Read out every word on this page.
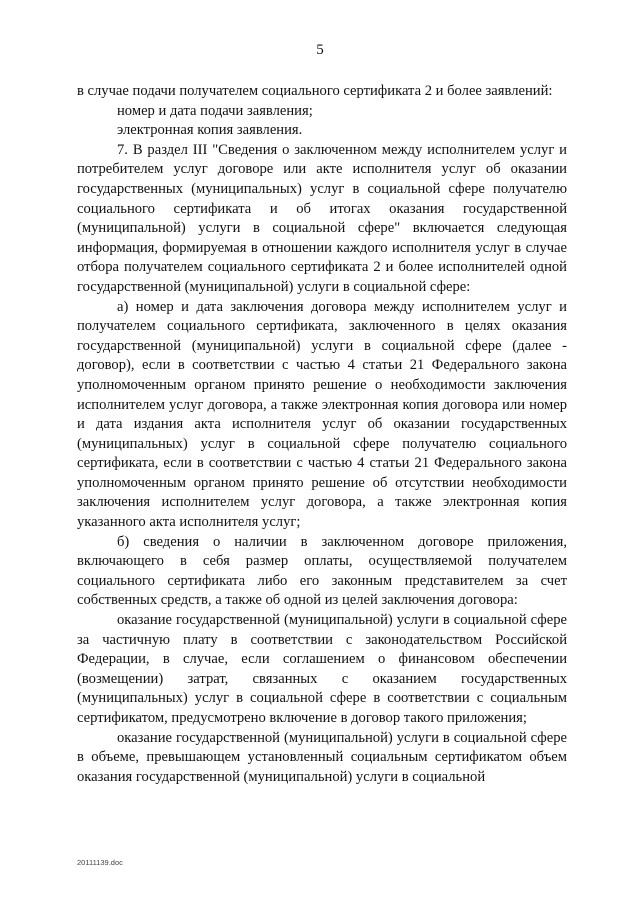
5

в случае подачи получателем социального сертификата 2 и более заявлений:

номер и дата подачи заявления;

электронная копия заявления.

7. В раздел III "Сведения о заключенном между исполнителем услуг и потребителем услуг договоре или акте исполнителя услуг об оказании государственных (муниципальных) услуг в социальной сфере получателю социального сертификата и об итогах оказания государственной (муниципальной) услуги в социальной сфере" включается следующая информация, формируемая в отношении каждого исполнителя услуг в случае отбора получателем социального сертификата 2 и более исполнителей одной государственной (муниципальной) услуги в социальной сфере:

а) номер и дата заключения договора между исполнителем услуг и получателем социального сертификата, заключенного в целях оказания государственной (муниципальной) услуги в социальной сфере (далее - договор), если в соответствии с частью 4 статьи 21 Федерального закона уполномоченным органом принято решение о необходимости заключения исполнителем услуг договора, а также электронная копия договора или номер и дата издания акта исполнителя услуг об оказании государственных (муниципальных) услуг в социальной сфере получателю социального сертификата, если в соответствии с частью 4 статьи 21 Федерального закона уполномоченным органом принято решение об отсутствии необходимости заключения исполнителем услуг договора, а также электронная копия указанного акта исполнителя услуг;

б) сведения о наличии в заключенном договоре приложения, включающего в себя размер оплаты, осуществляемой получателем социального сертификата либо его законным представителем за счет собственных средств, а также об одной из целей заключения договора:

оказание государственной (муниципальной) услуги в социальной сфере за частичную плату в соответствии с законодательством Российской Федерации, в случае, если соглашением о финансовом обеспечении (возмещении) затрат, связанных с оказанием государственных (муниципальных) услуг в социальной сфере в соответствии с социальным сертификатом, предусмотрено включение в договор такого приложения;

оказание государственной (муниципальной) услуги в социальной сфере в объеме, превышающем установленный социальным сертификатом объем оказания государственной (муниципальной) услуги в социальной

20111139.doc
